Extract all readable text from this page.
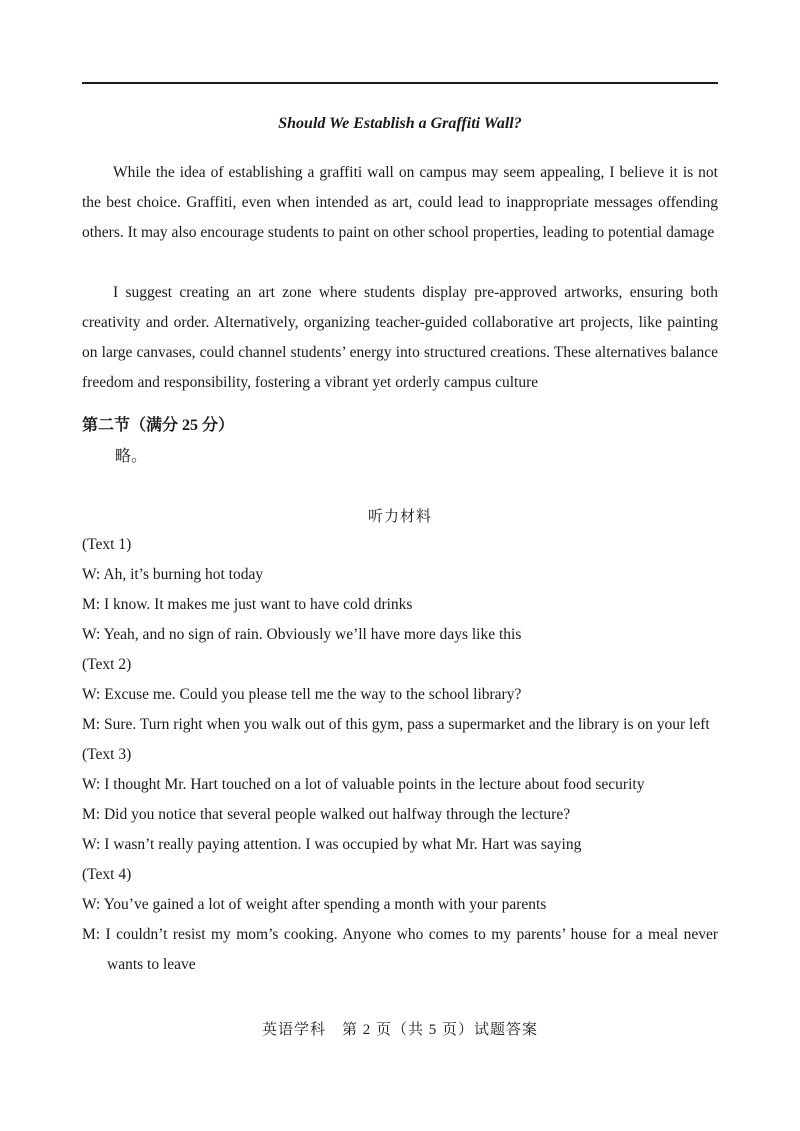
Should We Establish a Graffiti Wall?

While the idea of establishing a graffiti wall on campus may seem appealing, I believe it is not the best choice. Graffiti, even when intended as art, could lead to inappropriate messages offending others. It may also encourage students to paint on other school properties, leading to potential damage

I suggest creating an art zone where students display pre-approved artworks, ensuring both creativity and order. Alternatively, organizing teacher-guided collaborative art projects, like painting on large canvases, could channel students’ energy into structured creations. These alternatives balance freedom and responsibility, fostering a vibrant yet orderly campus culture

第二节（满分 25 分）
略。
听力材料

(Text 1)

W: Ah, it’s burning hot today

M: I know. It makes me just want to have cold drinks

W: Yeah, and no sign of rain. Obviously we’ll have more days like this

(Text 2)

W: Excuse me. Could you please tell me the way to the school library?

M: Sure. Turn right when you walk out of this gym, pass a supermarket and the library is on your left

(Text 3)

W: I thought Mr. Hart touched on a lot of valuable points in the lecture about food security

M: Did you notice that several people walked out halfway through the lecture?

W: I wasn’t really paying attention. I was occupied by what Mr. Hart was saying

(Text 4)

W: You’ve gained a lot of weight after spending a month with your parents

M: I couldn’t resist my mom’s cooking. Anyone who comes to my parents’ house for a meal never wants to leave

英语学科　第 2 页（共 5 页）试题答案
